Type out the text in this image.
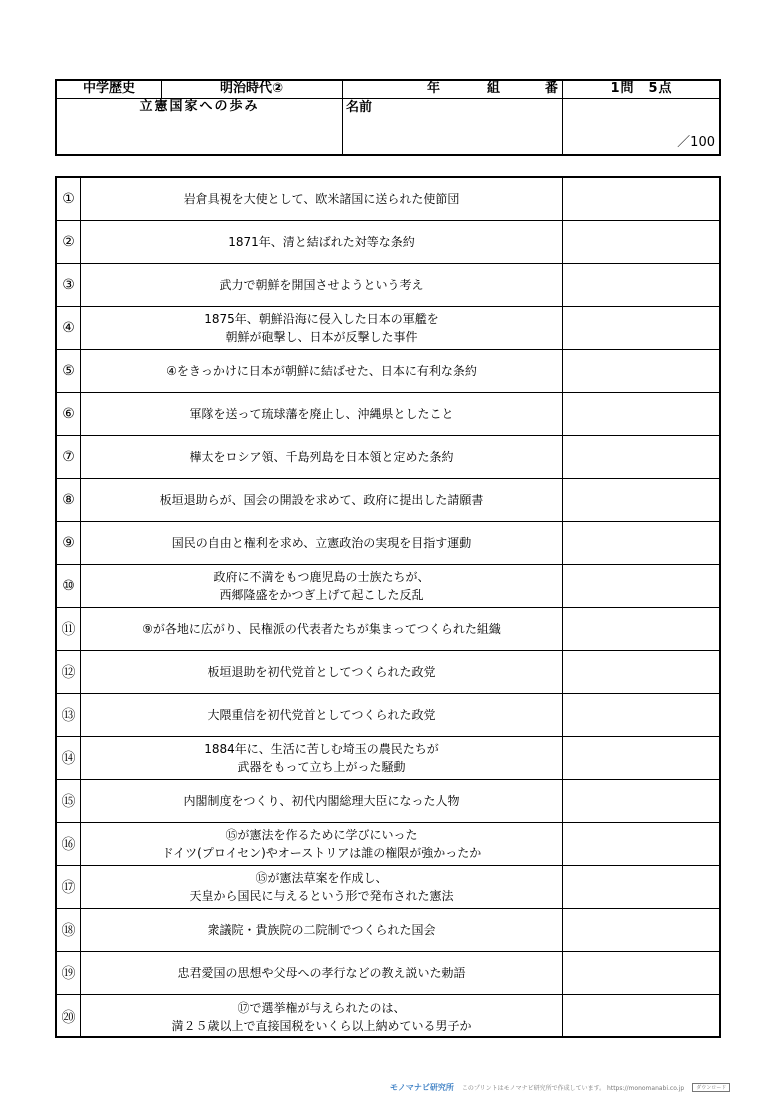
中学歴史	明治時代②
立憲国家への歩み
年	組	番
名前
1問　5点
／100
①	岩倉具視を大使として、欧米諸国に送られた使節団
②	1871年、清と結ばれた対等な条約
③	武力で朝鮮を開国させようという考え
④
1875年、朝鮮沿海に侵入した日本の軍艦を
朝鮮が砲撃し、日本が反撃した事件
⑤	④をきっかけに日本が朝鮮に結ばせた、日本に有利な条約
⑥	軍隊を送って琉球藩を廃止し、沖縄県としたこと
⑦	樺太をロシア領、千島列島を日本領と定めた条約
⑧	板垣退助らが、国会の開設を求めて、政府に提出した請願書
⑨	国民の自由と権利を求め、立憲政治の実現を目指す運動
⑩
政府に不満をもつ鹿児島の士族たちが、
西郷隆盛をかつぎ上げて起こした反乱
⑪	⑨が各地に広がり、民権派の代表者たちが集まってつくられた組織
⑫	板垣退助を初代党首としてつくられた政党
⑬	大隈重信を初代党首としてつくられた政党
⑭
1884年に、生活に苦しむ埼玉の農民たちが
武器をもって立ち上がった騒動
⑮	内閣制度をつくり、初代内閣総理大臣になった人物
⑯
⑮が憲法を作るために学びにいった
ドイツ(プロイセン)やオーストリアは誰の権限が強かったか
⑰
⑮が憲法草案を作成し、
天皇から国民に与えるという形で発布された憲法
⑱	衆議院・貴族院の二院制でつくられた国会
⑲	忠君愛国の思想や父母への孝行などの教え説いた勅語
⑳
⑰で選挙権が与えられたのは、
満２５歳以上で直接国税をいくら以上納めている男子か
モノマナビ研究所 このプリントはモノマナビ研究所で作成しています。 https://monomanabi.co.jp	ダウンロード
